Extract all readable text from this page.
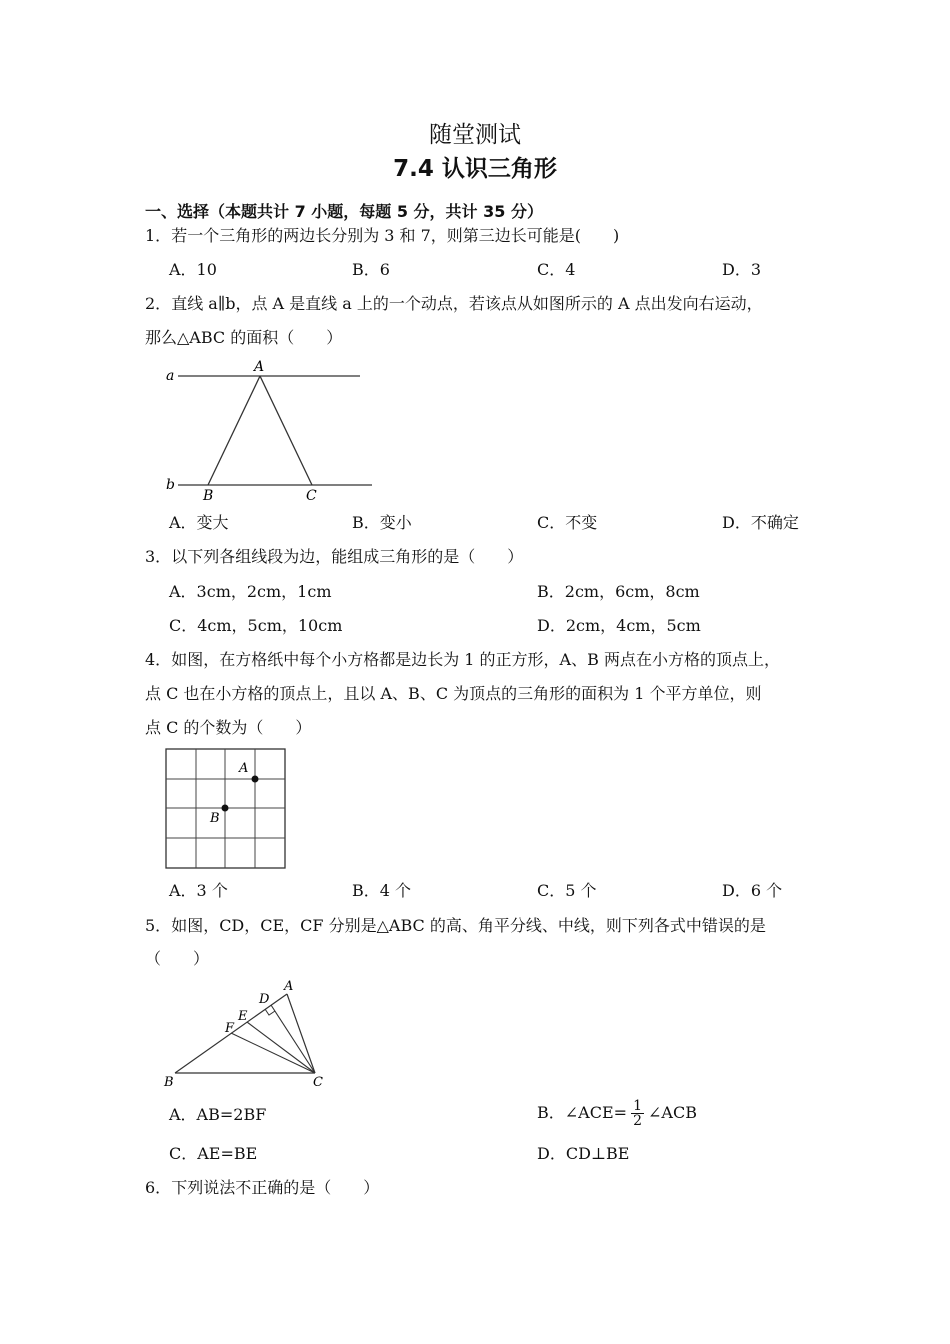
随堂测试
7.4 认识三角形
一、选择（本题共计 7 小题，每题 5 分，共计 35 分）
1．若一个三角形的两边长分别为 3 和 7，则第三边长可能是(　　)
A．10	B．6	C．4	D．3
2．直线 a∥b，点 A 是直线 a 上的一个动点，若该点从如图所示的 A 点出发向右运动，
那么△ABC 的面积（　　）
a
b
A
B	C
A．变大	B．变小	C．不变	D．不确定
3．以下列各组线段为边，能组成三角形的是（　　）
A．3cm，2cm，1cm	B．2cm，6cm，8cm
C．4cm，5cm，10cm	D．2cm，4cm，5cm
4．如图，在方格纸中每个小方格都是边长为 1 的正方形，A、B 两点在小方格的顶点上，
点 C 也在小方格的顶点上，且以 A、B、C 为顶点的三角形的面积为 1 个平方单位，则
点 C 的个数为（　　）
A
B
A．3 个	B．4 个	C．5 个	D．6 个
5．如图，CD，CE，CF 分别是△ABC 的高、角平分线、中线，则下列各式中错误的是
（　　）
A
B	C
D
E
F
A．AB=2BF	B．∠ACE= $\frac{1}{2}$ ∠ACB
C．AE=BE	D．CD⊥BE
6．下列说法不正确的是（　　）
